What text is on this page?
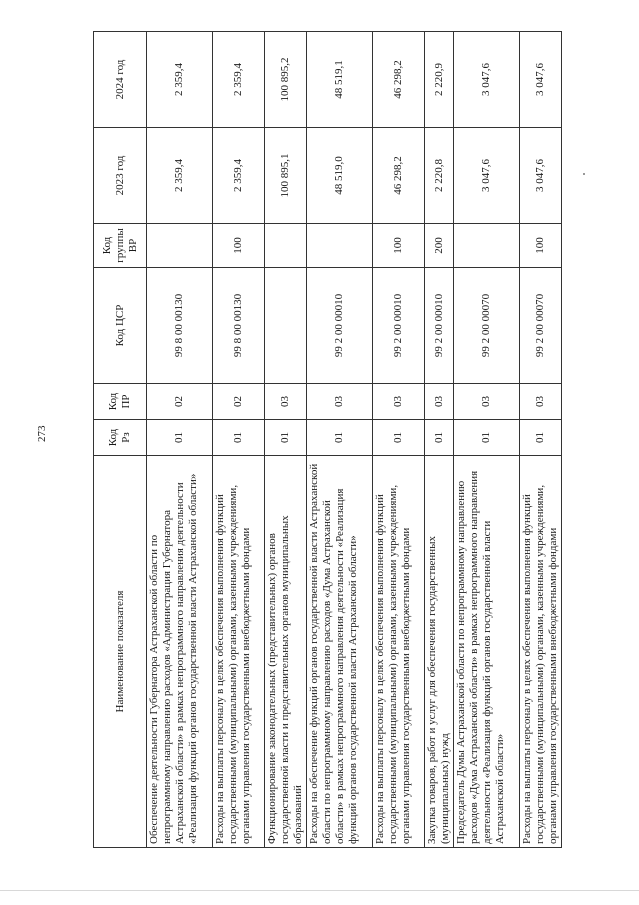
273
Наименование показателя	Код Рз	Код ПР	Код ЦСР	Код группы ВР	2023 год	2024 год
Обеспечение деятельности Губернатора Астраханской области по непрограммному направлению расходов «Администрация Губернатора Астраханской области» в рамках непрограммного направления деятельности «Реализация функций органов государственной власти Астраханской области»	01	02	99 8 00 00130		2 359,4	2 359,4
Расходы на выплаты персоналу в целях обеспечения выполнения функций государственными (муниципальными) органами, казенными учреждениями, органами управления государственными внебюджетными фондами	01	02	99 8 00 00130	100	2 359,4	2 359,4
Функционирование законодательных (представительных) органов государственной власти и представительных органов муниципальных образований	01	03			100 895,1	100 895,2
Расходы на обеспечение функций органов государственной власти Астраханской области по непрограммному направлению расходов «Дума Астраханской области» в рамках непрограммного направления деятельности «Реализация функций органов государственной власти Астраханской области»	01	03	99 2 00 00010		48 519,0	48 519,1
Расходы на выплаты персоналу в целях обеспечения выполнения функций государственными (муниципальными) органами, казенными учреждениями, органами управления государственными внебюджетными фондами	01	03	99 2 00 00010	100	46 298,2	46 298,2
Закупка товаров, работ и услуг для обеспечения государственных (муниципальных) нужд	01	03	99 2 00 00010	200	2 220,8	2 220,9
Председатель Думы Астраханской области по непрограммному направлению расходов «Дума Астраханской области» в рамках непрограммного направления деятельности «Реализация функций органов государственной власти Астраханской области»	01	03	99 2 00 00070		3 047,6	3 047,6
Расходы на выплаты персоналу в целях обеспечения выполнения функций государственными (муниципальными) органами, казенными учреждениями, органами управления государственными внебюджетными фондами	01	03	99 2 00 00070	100	3 047,6	3 047,6
